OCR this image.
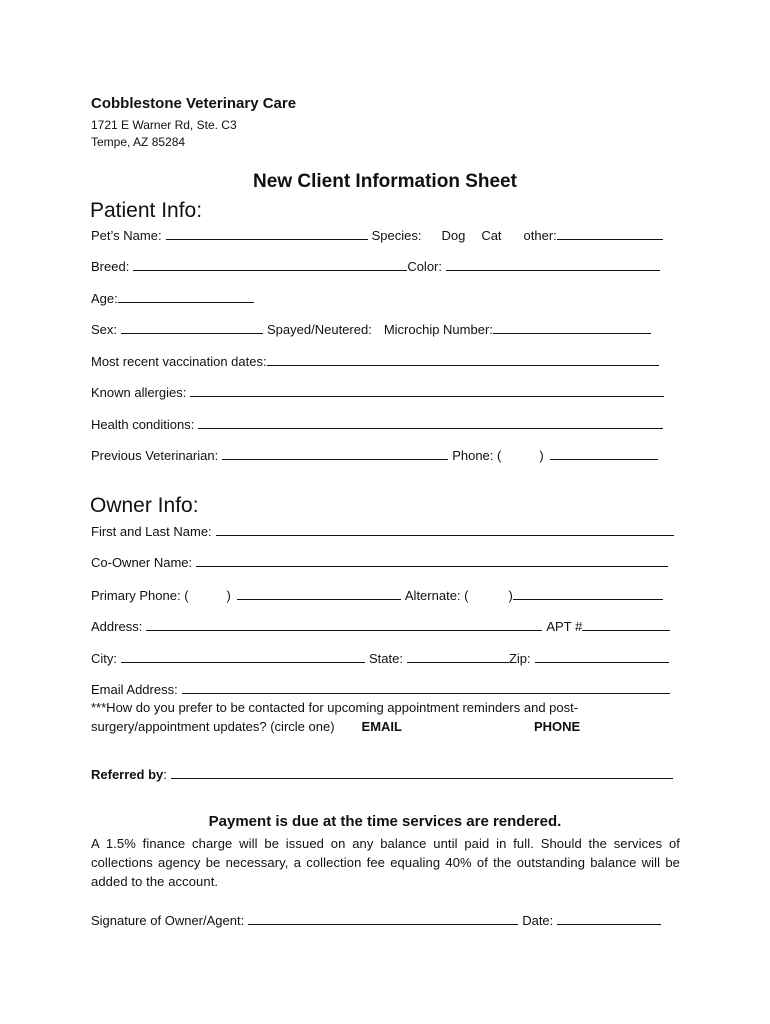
Cobblestone Veterinary Care
1721 E Warner Rd, Ste. C3
Tempe, AZ 85284
New Client Information Sheet
Patient Info:
Pet’s Name:	Species: Dog Cat other:
Breed:	Color:
Age:
Sex:	Spayed/Neutered: Microchip Number:
Most recent vaccination dates:
Known allergies:
Health conditions:
Previous Veterinarian:	Phone: (	)
Owner Info:
First and Last Name:
Co-Owner Name:
Primary Phone: (	)	Alternate: (	)
Address:	APT #
City:	State:	Zip:
Email Address:
***How do you prefer to be contacted for upcoming appointment reminders and post-
surgery/appointment updates? (circle one) EMAIL	PHONE
Referred by :
Payment is due at the time services are rendered.
A 1.5% finance charge will be issued on any balance until paid in full. Should the services of collections agency be necessary, a collection fee equaling 40% of the outstanding balance will be added to the account.
Signature of Owner/Agent:	Date:
